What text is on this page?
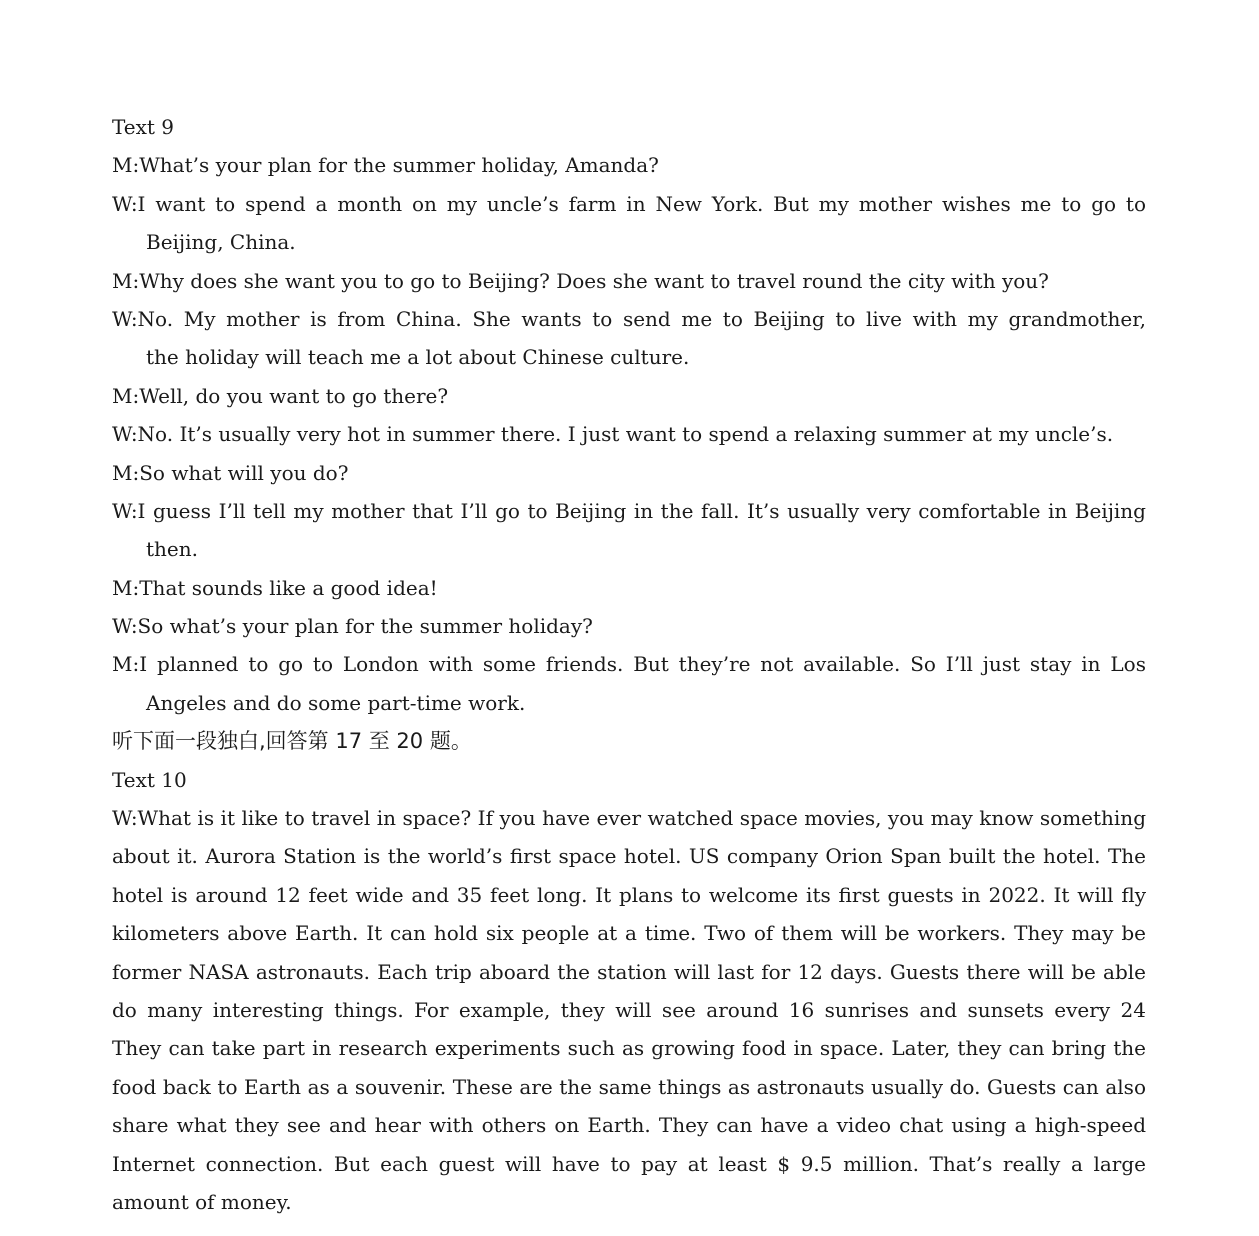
Text 9
M:What’s your plan for the summer holiday, Amanda?
W:I want to spend a month on my uncle’s farm in New York. But my mother wishes me to go to
Beijing, China.
M:Why does she want you to go to Beijing? Does she want to travel round the city with you?
W:No. My mother is from China. She wants to send me to Beijing to live with my grandmother,
the holiday will teach me a lot about Chinese culture.
M:Well, do you want to go there?
W:No. It’s usually very hot in summer there. I just want to spend a relaxing summer at my uncle’s.
M:So what will you do?
W:I guess I’ll tell my mother that I’ll go to Beijing in the fall. It’s usually very comfortable in Beijing
then.
M:That sounds like a good idea!
W:So what’s your plan for the summer holiday?
M:I planned to go to London with some friends. But they’re not available. So I’ll just stay in Los
Angeles and do some part-time work.
听下面一段独白,回答第 17 至 20 题。
Text 10
W:What is it like to travel in space? If you have ever watched space movies, you may know something
about it. Aurora Station is the world’s first space hotel. US company Orion Span built the hotel. The
hotel is around 12 feet wide and 35 feet long. It plans to welcome its first guests in 2022. It will fly
kilometers above Earth. It can hold six people at a time. Two of them will be workers. They may be
former NASA astronauts. Each trip aboard the station will last for 12 days. Guests there will be able
do many interesting things. For example, they will see around 16 sunrises and sunsets every 24
They can take part in research experiments such as growing food in space. Later, they can bring the
food back to Earth as a souvenir. These are the same things as astronauts usually do. Guests can also
share what they see and hear with others on Earth. They can have a video chat using a high-speed
Internet connection. But each guest will have to pay at least $ 9.5 million. That’s really a large
amount of money.
